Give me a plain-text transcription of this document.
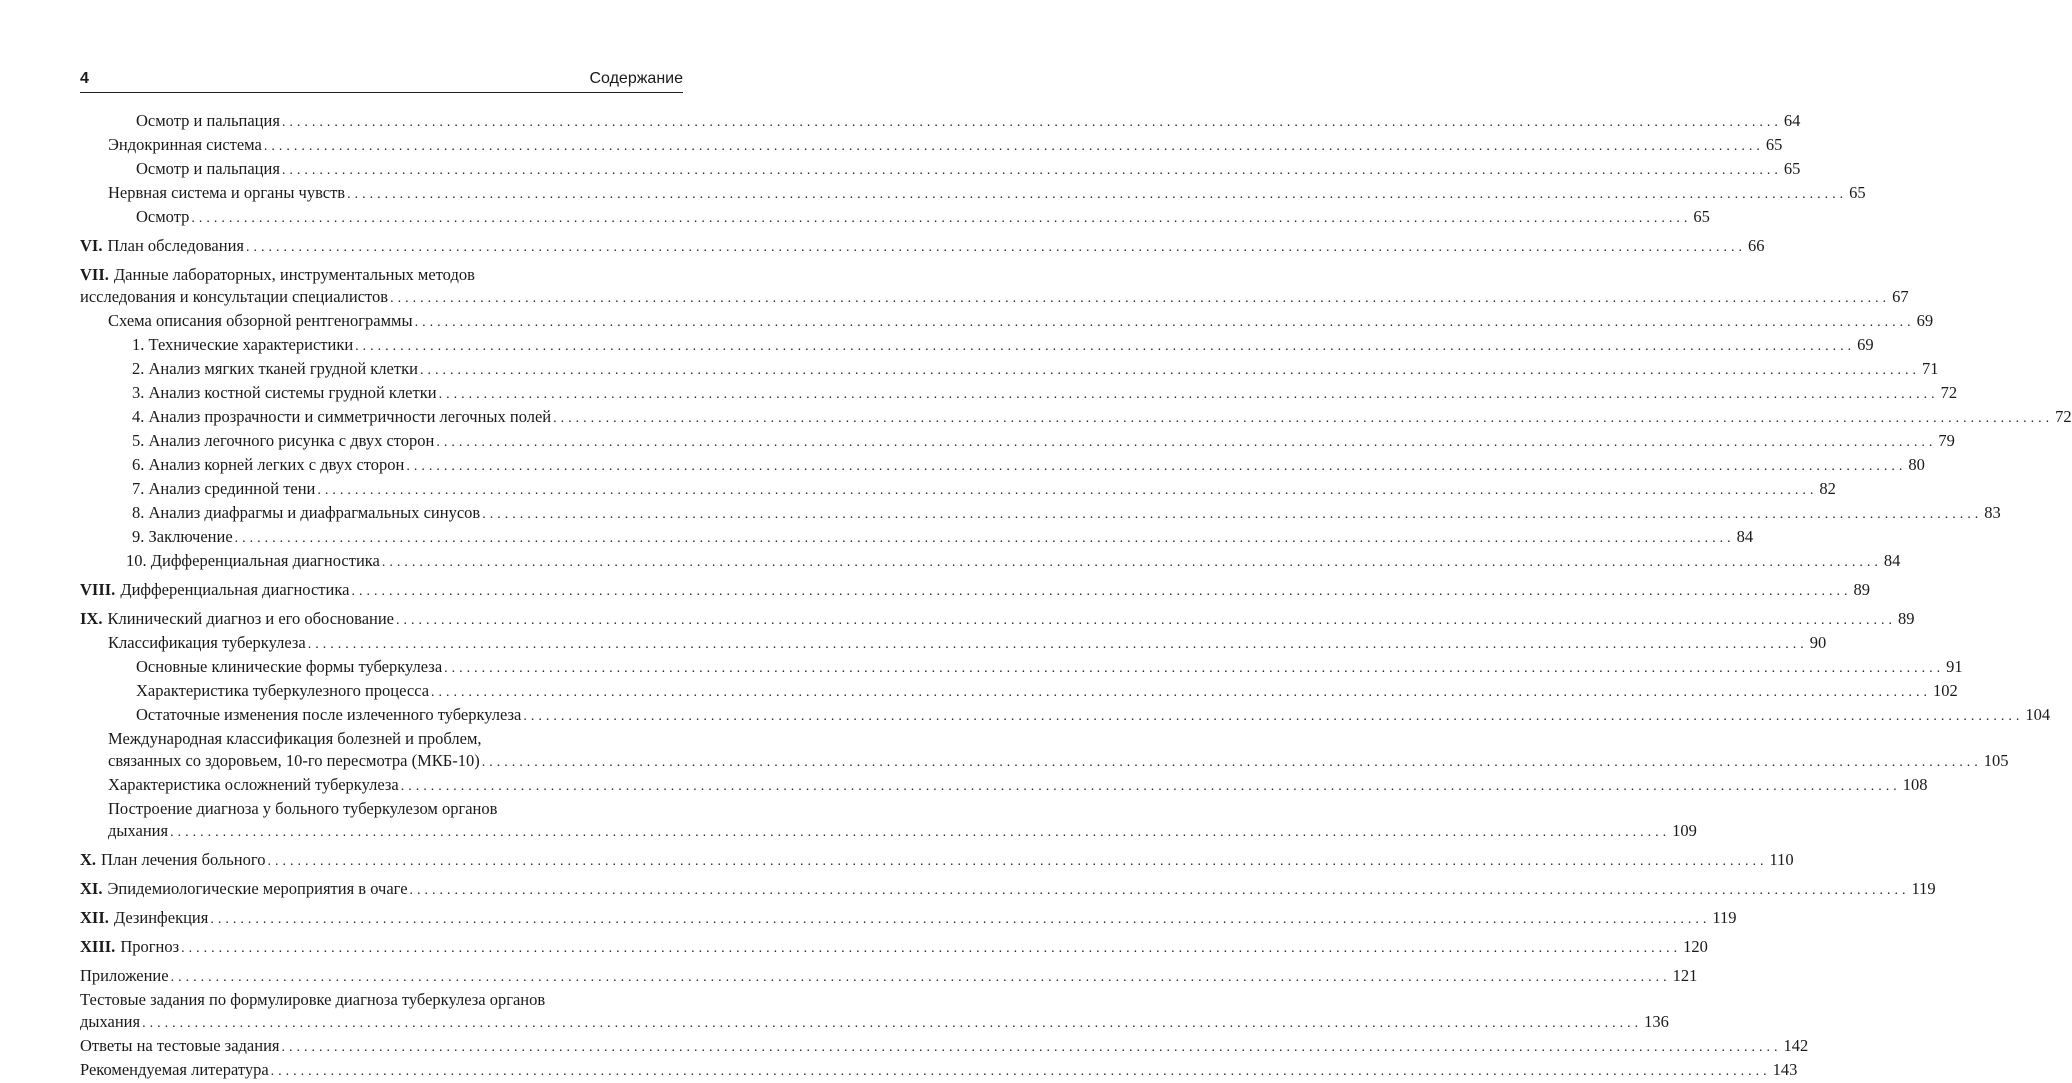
4	Содержание
Осмотр и пальпация ........................................................................................................................................................................................................ 64
Эндокринная система ........................................................................................................................................................................................................ 65
Осмотр и пальпация ........................................................................................................................................................................................................ 65
Нервная система и органы чувств ........................................................................................................................................................................................................ 65
Осмотр ........................................................................................................................................................................................................ 65
VI. План обследования ........................................................................................................................................................................................................ 66
VII. Данные лабораторных, инструментальных методов
исследования и консультации специалистов ........................................................................................................................................................................................................ 67
Схема описания обзорной рентгенограммы ........................................................................................................................................................................................................ 69
1. Технические характеристики ........................................................................................................................................................................................................ 69
2. Анализ мягких тканей грудной клетки ........................................................................................................................................................................................................ 71
3. Анализ костной системы грудной клетки ........................................................................................................................................................................................................ 72
4. Анализ прозрачности и симметричности легочных полей ........................................................................................................................................................................................................ 72
5. Анализ легочного рисунка с двух сторон ........................................................................................................................................................................................................ 79
6. Анализ корней легких с двух сторон ........................................................................................................................................................................................................ 80
7. Анализ срединной тени ........................................................................................................................................................................................................ 82
8. Анализ диафрагмы и диафрагмальных синусов ........................................................................................................................................................................................................ 83
9. Заключение ........................................................................................................................................................................................................ 84
10. Дифференциальная диагностика ........................................................................................................................................................................................................ 84
VIII. Дифференциальная диагностика ........................................................................................................................................................................................................ 89
IX. Клинический диагноз и его обоснование ........................................................................................................................................................................................................ 89
Классификация туберкулеза ........................................................................................................................................................................................................ 90
Основные клинические формы туберкулеза ........................................................................................................................................................................................................ 91
Характеристика туберкулезного процесса ........................................................................................................................................................................................................ 102
Остаточные изменения после излеченного туберкулеза ........................................................................................................................................................................................................ 104
Международная классификация болезней и проблем,
связанных со здоровьем, 10-го пересмотра (МКБ-10) ........................................................................................................................................................................................................ 105
Характеристика осложнений туберкулеза ........................................................................................................................................................................................................ 108
Построение диагноза у больного туберкулезом органов
дыхания ........................................................................................................................................................................................................ 109
X. План лечения больного ........................................................................................................................................................................................................ 110
XI. Эпидемиологические мероприятия в очаге ........................................................................................................................................................................................................ 119
XII. Дезинфекция ........................................................................................................................................................................................................ 119
XIII. Прогноз ........................................................................................................................................................................................................ 120
Приложение ........................................................................................................................................................................................................ 121
Тестовые задания по формулировке диагноза туберкулеза органов
дыхания ........................................................................................................................................................................................................ 136
Ответы на тестовые задания ........................................................................................................................................................................................................ 142
Рекомендуемая литература ........................................................................................................................................................................................................ 143
